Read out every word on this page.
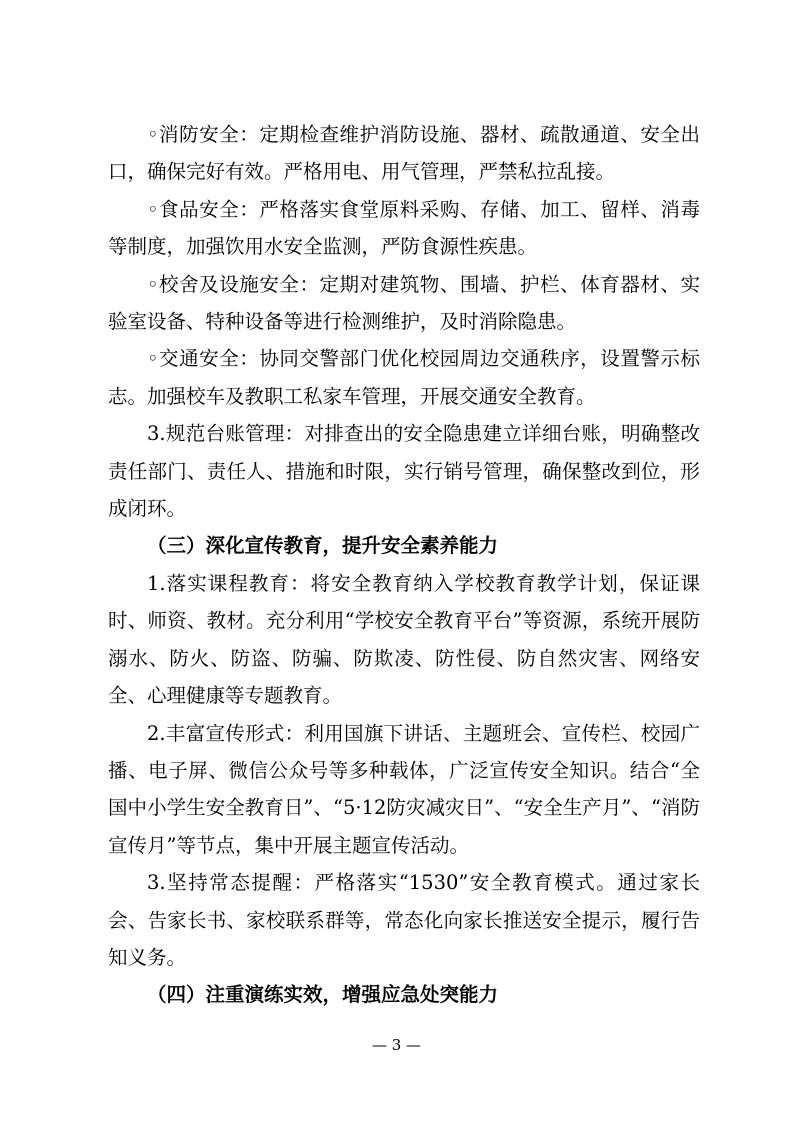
◦消防安全：定期检查维护消防设施、器材、疏散通道、安全出口，确保完好有效。严格用电、用气管理，严禁私拉乱接。

◦食品安全：严格落实食堂原料采购、存储、加工、留样、消毒等制度，加强饮用水安全监测，严防食源性疾患。

◦校舍及设施安全：定期对建筑物、围墙、护栏、体育器材、实验室设备、特种设备等进行检测维护，及时消除隐患。

◦交通安全：协同交警部门优化校园周边交通秩序，设置警示标志。加强校车及教职工私家车管理，开展交通安全教育。

3.规范台账管理：对排查出的安全隐患建立详细台账，明确整改责任部门、责任人、措施和时限，实行销号管理，确保整改到位，形成闭环。

（三）深化宣传教育，提升安全素养能力

1.落实课程教育：将安全教育纳入学校教育教学计划，保证课时、师资、教材。充分利用“学校安全教育平台”等资源，系统开展防溺水、防火、防盗、防骗、防欺凌、防性侵、防自然灾害、网络安全、心理健康等专题教育。

2.丰富宣传形式：利用国旗下讲话、主题班会、宣传栏、校园广播、电子屏、微信公众号等多种载体，广泛宣传安全知识。结合“全国中小学生安全教育日”、“5·12防灾减灾日”、“安全生产月”、“消防宣传月”等节点，集中开展主题宣传活动。

3.坚持常态提醒：严格落实“1530”安全教育模式。通过家长会、告家长书、家校联系群等，常态化向家长推送安全提示，履行告知义务。

（四）注重演练实效，增强应急处突能力

— 3 —
